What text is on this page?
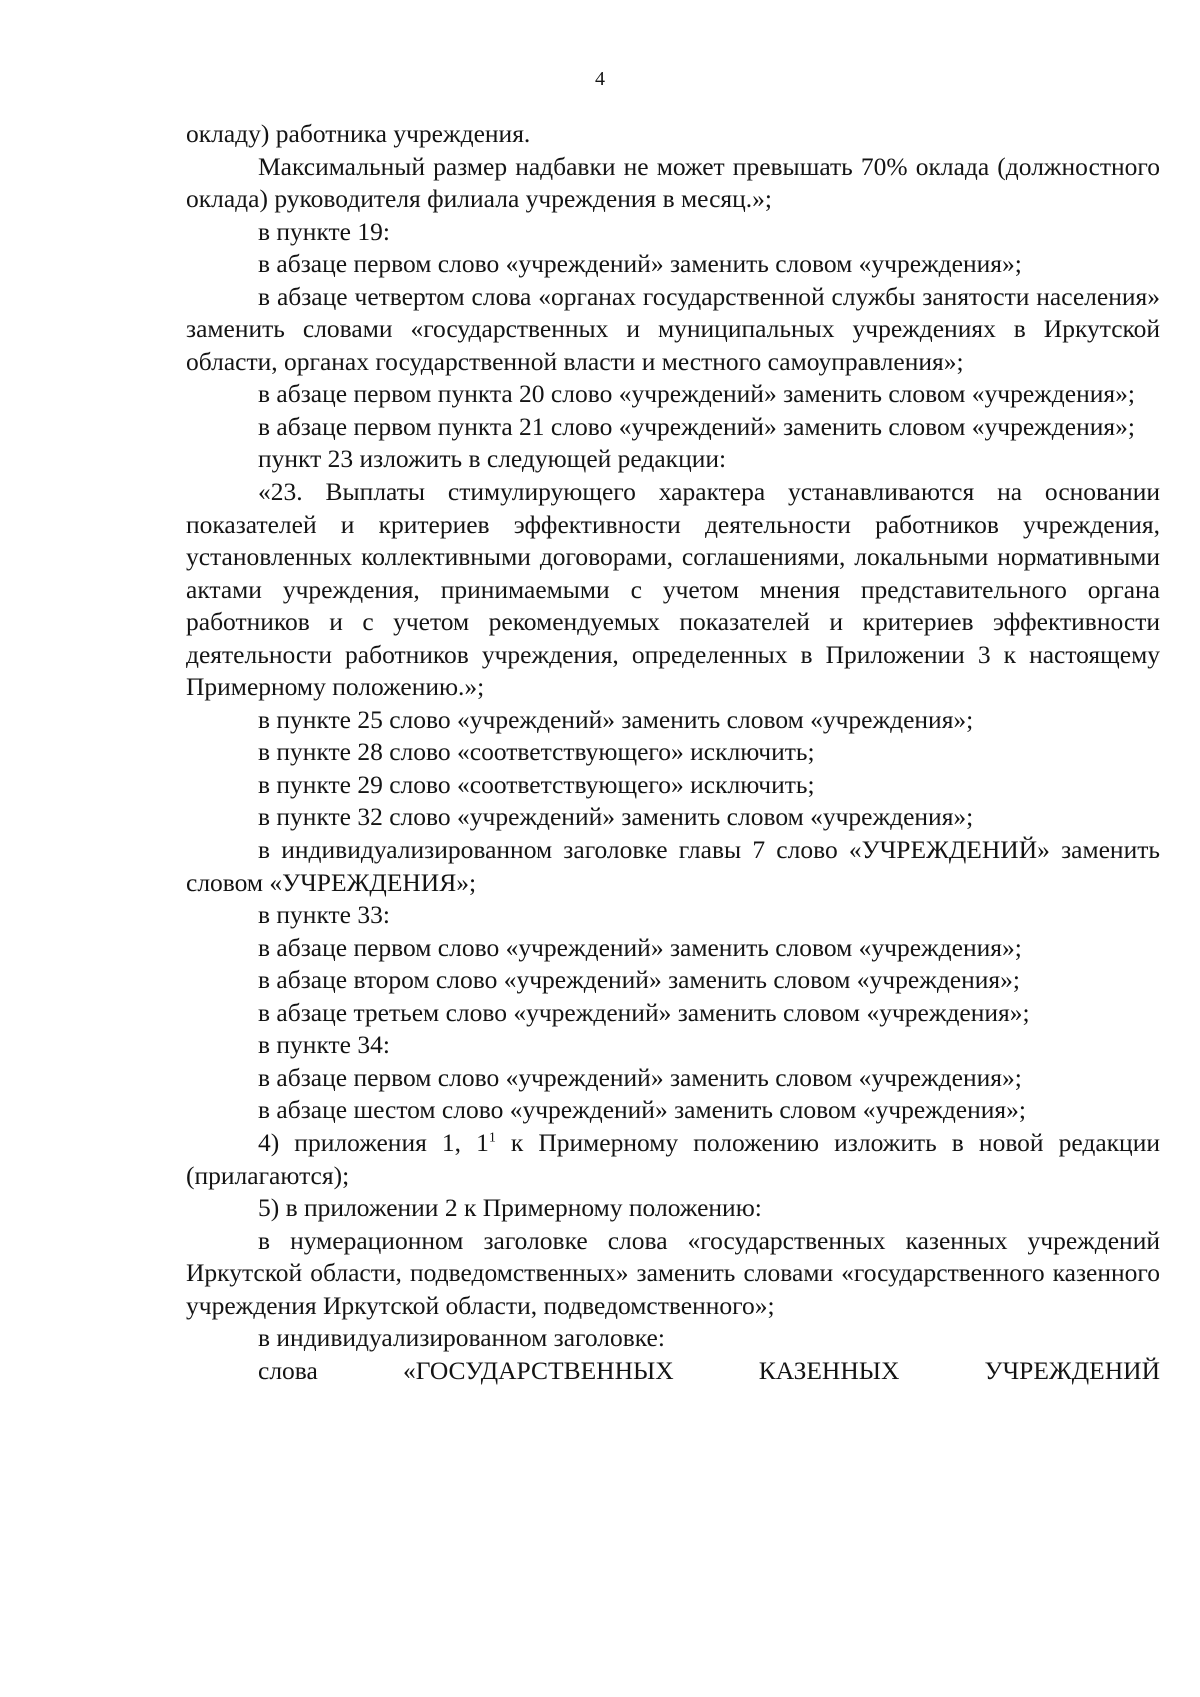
4

окладу) работника учреждения.

Максимальный размер надбавки не может превышать 70% оклада (должностного оклада) руководителя филиала учреждения в месяц.»;

в пункте 19:

в абзаце первом слово «учреждений» заменить словом «учреждения»;

в абзаце четвертом слова «органах государственной службы занятости населения» заменить словами «государственных и муниципальных учреждениях в Иркутской области, органах государственной власти и местного самоуправления»;

в абзаце первом пункта 20 слово «учреждений» заменить словом «учреждения»;

в абзаце первом пункта 21 слово «учреждений» заменить словом «учреждения»;

пункт 23 изложить в следующей редакции:

«23. Выплаты стимулирующего характера устанавливаются на основании показателей и критериев эффективности деятельности работников учреждения, установленных коллективными договорами, соглашениями, локальными нормативными актами учреждения, принимаемыми с учетом мнения представительного органа работников и с учетом рекомендуемых показателей и критериев эффективности деятельности работников учреждения, определенных в Приложении 3 к настоящему Примерному положению.»;

в пункте 25 слово «учреждений» заменить словом «учреждения»;

в пункте 28 слово «соответствующего» исключить;

в пункте 29 слово «соответствующего» исключить;

в пункте 32 слово «учреждений» заменить словом «учреждения»;

в индивидуализированном заголовке главы 7 слово «УЧРЕЖДЕНИЙ» заменить словом «УЧРЕЖДЕНИЯ»;

в пункте 33:

в абзаце первом слово «учреждений» заменить словом «учреждения»;

в абзаце втором слово «учреждений» заменить словом «учреждения»;

в абзаце третьем слово «учреждений» заменить словом «учреждения»;

в пункте 34:

в абзаце первом слово «учреждений» заменить словом «учреждения»;

в абзаце шестом слово «учреждений» заменить словом «учреждения»;

4) приложения 1, $1^1$ к Примерному положению изложить в новой редакции (прилагаются);

5) в приложении 2 к Примерному положению:

в нумерационном заголовке слова «государственных казенных учреждений Иркутской области, подведомственных» заменить словами «государственного казенного учреждения Иркутской области, подведомственного»;

в индивидуализированном заголовке:

слова «ГОСУДАРСТВЕННЫХ КАЗЕННЫХ УЧРЕЖДЕНИЙ
